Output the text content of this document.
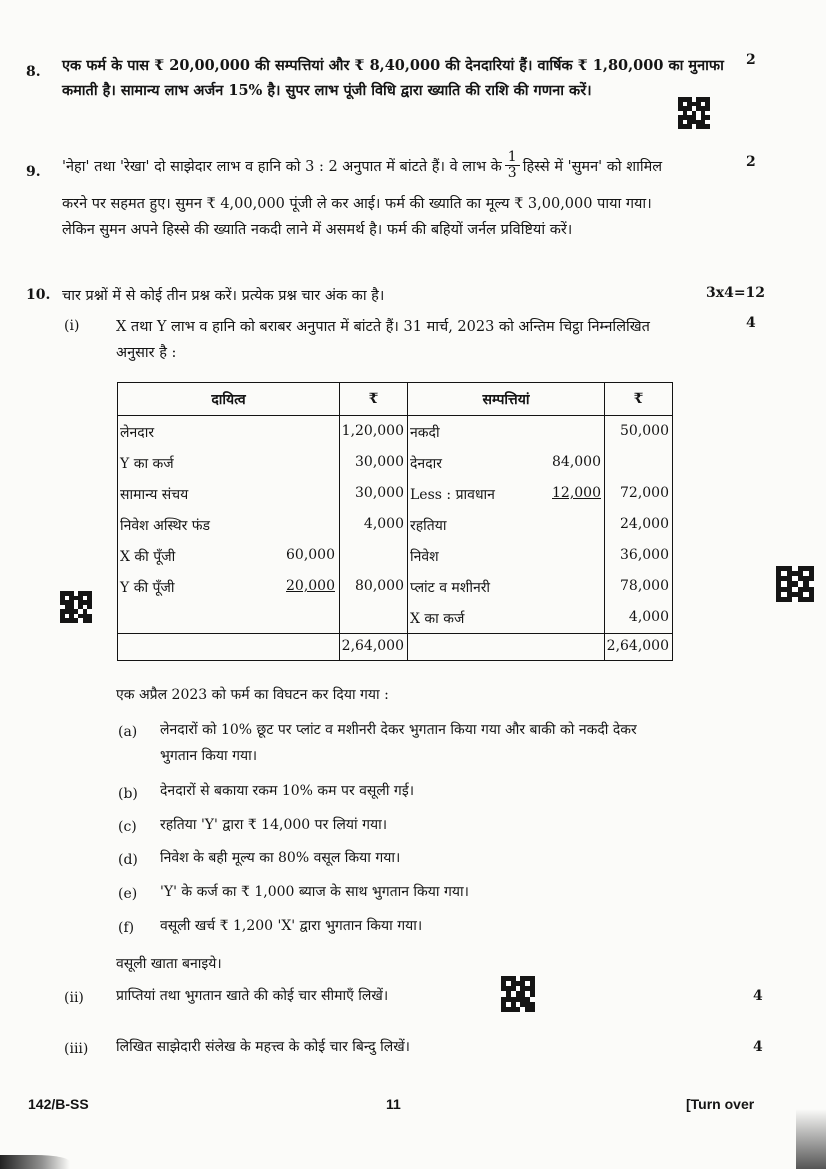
8. एक फर्म के पास ₹ 20,00,000 की सम्पत्तियां और ₹ 8,40,000 की देनदारियां हैं। वार्षिक ₹ 1,80,000 का मुनाफा
कमाती है। सामान्य लाभ अर्जन 15% है। सुपर लाभ पूंजी विधि द्वारा ख्याति की राशि की गणना करें।
2
9. 'नेहा' तथा 'रेखा' दो साझेदार लाभ व हानि को 3 : 2 अनुपात में बांटते हैं। वे लाभ के $\frac{1}{3}$ हिस्से में 'सुमन' को शामिल
करने पर सहमत हुए। सुमन ₹ 4,00,000 पूंजी ले कर आई। फर्म की ख्याति का मूल्य ₹ 3,00,000 पाया गया।
लेकिन सुमन अपने हिस्से की ख्याति नकदी लाने में असमर्थ है। फर्म की बहियों जर्नल प्रविष्टियां करें।
2
10. चार प्रश्नों में से कोई तीन प्रश्न करें। प्रत्येक प्रश्न चार अंक का है।	3x4=12
(i)	X तथा Y लाभ व हानि को बराबर अनुपात में बांटते हैं। 31 मार्च, 2023 को अन्तिम चिट्ठा निम्नलिखित
अनुसार है :
4
दायित्व	₹	सम्पत्तियां	₹

लेनदार	1,20,000	नकदी	50,000

Y का कर्ज	30,000	देनदार 84,000	

सामान्य संचय	30,000	Less : प्रावधान 12,000	72,000

निवेश अस्थिर फंड	4,000	रहतिया	24,000

X की पूँजी 60,000		निवेश	36,000

Y की पूँजी 20,000	80,000	प्लांट व मशीनरी	78,000

		X का कर्ज	4,000

	2,64,000		2,64,000
एक अप्रैल 2023 को फर्म का विघटन कर दिया गया :
(a) लेनदारों को 10% छूट पर प्लांट व मशीनरी देकर भुगतान किया गया और बाकी को नकदी देकर
भुगतान किया गया।
(b) देनदारों से बकाया रकम 10% कम पर वसूली गई।
(c) रहतिया 'Y' द्वारा ₹ 14,000 पर लियां गया।
(d) निवेश के बही मूल्य का 80% वसूल किया गया।
(e) 'Y' के कर्ज का ₹ 1,000 ब्याज के साथ भुगतान किया गया।
(f) वसूली खर्च ₹ 1,200 'X' द्वारा भुगतान किया गया।
वसूली खाता बनाइये।
(ii) प्राप्तियां तथा भुगतान खाते की कोई चार सीमाएँ लिखें।	4
(iii) लिखित साझेदारी संलेख के महत्त्व के कोई चार बिन्दु लिखें।	4
142/B-SS	11	[Turn over
